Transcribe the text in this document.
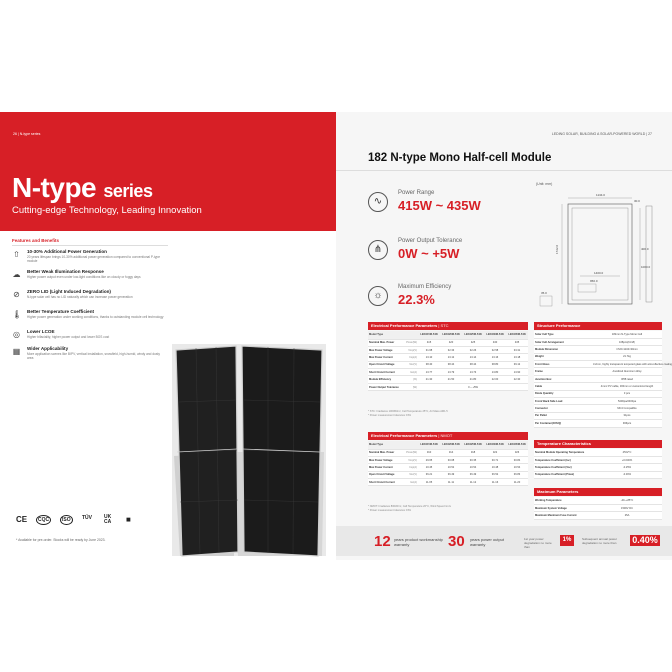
26 | N-type series
N-type series
Cutting-edge Technology, Leading Innovation
Features and Benefits
⇧ 10-30% Additional Power Generation
20 years lifespan brings 10-30% additional power generation compared to conventional P-type module
☁ Better Weak Illumination Response
Higher power output even under low-light conditions like on cloudy or foggy days
⊘ ZERO LID (Light Induced Degradation)
N-type solar cell has no LID naturally which can increase power generation
🌡 Better Temperature Coefficient
Higher power generation under working conditions, thanks to outstanding module cell technology
◎ Lower LCOE
Higher bifaciality, higher power output and lower BOS cost
▦ Wider Applicability
More application scenes like BIPV, vertical installation, snowfield, high-humid, windy and dusty area
CE	CQC	ISO	TÜV UK CA	■
* Available for pre-order. Stocks will be ready by June 2023.
LEDING SOLAR, BUILDING A SOLAR-POWERED WORLD | 27
182 N-type Mono Half-cell Module
∿
Power Range
415W ~ 435W
⋔
Power Output Tolerance
0W ~ +5W
☼
Maximum Efficiency
22.3%
(Unit: mm)
1134.0
1722.0
1400.0
950.0
35.0
30.0
400.0
1000.0
Electrical Performance Parameters | STC
Model Type		LED415M-54N	LED420M-54N	LED425M-54N	LED430M-54N	LED435M-54N
Nominal Max. Power	Pmax(W)	415	420	425	430	435
Max Power Voltage	Vmp(V)	31.68	32.33	32.26	32.58	33.31
Max Power Current	Imp(A)	13.10	13.12	13.14	13.16	13.18
Open Circuit Voltage	Voc(V)	38.40	38.44	38.44	38.80	39.12
Short Circuit Current	Isc(A)	13.77	13.79	13.73	13.80	13.90
Module Efficiency	(%)	21.30	21.50	21.80	22.00	22.30
Power Output Tolerance	(W)	0 ~ +5W				
* STC: Irradiance 1000W/m², Cell Temperature 25°C, Air Mass AM1.5
* Power measurement tolerance ±3%
Electrical Performance Parameters | NMOT
Model Type		LED415M-54N	LED420M-54N	LED425M-54N	LED430M-54N	LED435M-54N
Nominal Max. Power	Pmax(W)	310	314	318	322	326
Max Power Voltage	Vmp(V)	29.65	30.08	30.35	30.71	30.84
Max Power Current	Imp(A)	10.45	10.52	10.54	10.48	10.54
Open Circuit Voltage	Voc(V)	36.21	36.49	36.49	36.52	36.83
Short Circuit Current	Isc(A)	11.05	11.11	11.12	11.16	11.20
* NMOT: Irradiance 800W/m², Cell Temperature 20°C, Wind Speed 1m/s
* Power measurement tolerance ±3%
Structure Performance
Solar Cell Type	182mm N-Type Mono Cell
Solar Cell Arrangement	108pcs(6×18)
Module Dimension	1722×1134×30mm
Weight	21.7kg
Front Glass	3.2mm, highly transparent tempered glass with anti-reflective coating
Frame	Anodized Aluminum Alloy
Junction Box	IP68 rated
Cable	4mm² PV cable, 300mm or customized length
Diode Quantity	3 pcs
Front/ Back Side Load	5400pa/2400pa
Connector	MC4 Compatible
Per Pallet	31pcs
Per Container(40'HQ)	936pcs
Temperature Characteristics
Nominal Module Operating Temperature	45±2°C
Temperature Coefficient (Isc)	+0.046%
Temperature Coefficient (Voc)	-0.25%
Temperature Coefficient (Pmax)	-0.30%
Maximum Parameters
Working Temperature	-40~+85°C
Maximum System Voltage	1500V DC
Maximum Maximum Fuse Current	25A
12 years product workmanship warranty	30 years power output warranty
1st year power degradation no more than
1%	Subsequent annual power degradation no more than	0.40%
